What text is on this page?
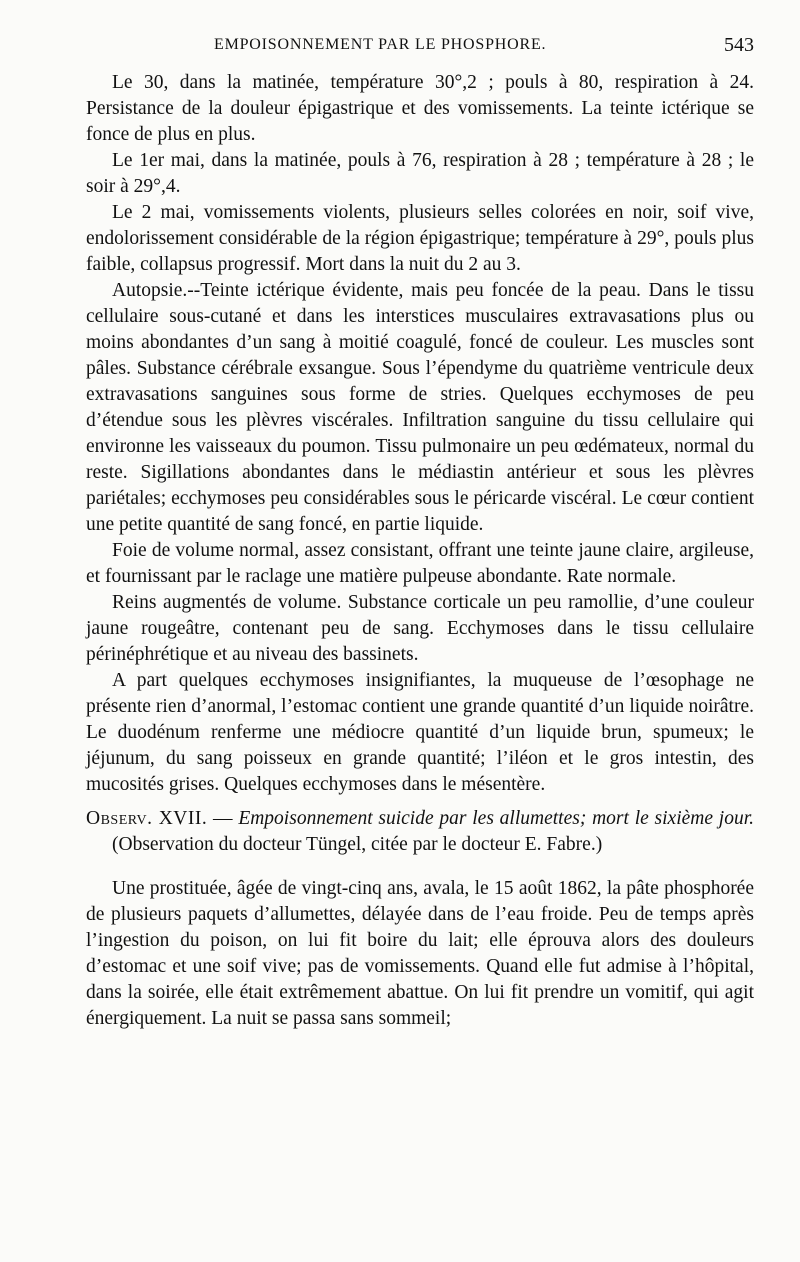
EMPOISONNEMENT PAR LE PHOSPHORE.	543

Le 30, dans la matinée, température 30°,2 ; pouls à 80, respiration à 24. Persistance de la douleur épigastrique et des vomissements. La teinte ictérique se fonce de plus en plus.

Le 1er mai, dans la matinée, pouls à 76, respiration à 28 ; température à 28 ; le soir à 29°,4.

Le 2 mai, vomissements violents, plusieurs selles colorées en noir, soif vive, endolorissement considérable de la région épigastrique; température à 29°, pouls plus faible, collapsus progressif. Mort dans la nuit du 2 au 3.

Autopsie.--Teinte ictérique évidente, mais peu foncée de la peau. Dans le tissu cellulaire sous-cutané et dans les interstices musculaires extravasations plus ou moins abondantes d’un sang à moitié coagulé, foncé de couleur. Les muscles sont pâles. Substance cérébrale exsangue. Sous l’épendyme du quatrième ventricule deux extravasations sanguines sous forme de stries. Quelques ecchymoses de peu d’étendue sous les plèvres viscérales. Infiltration sanguine du tissu cellulaire qui environne les vaisseaux du poumon. Tissu pulmonaire un peu œdémateux, normal du reste. Sigillations abondantes dans le médiastin antérieur et sous les plèvres pariétales; ecchymoses peu considérables sous le péricarde viscéral. Le cœur contient une petite quantité de sang foncé, en partie liquide.

Foie de volume normal, assez consistant, offrant une teinte jaune claire, argileuse, et fournissant par le raclage une matière pulpeuse abondante. Rate normale.

Reins augmentés de volume. Substance corticale un peu ramollie, d’une couleur jaune rougeâtre, contenant peu de sang. Ecchymoses dans le tissu cellulaire périnéphrétique et au niveau des bassinets.

A part quelques ecchymoses insignifiantes, la muqueuse de l’œsophage ne présente rien d’anormal, l’estomac contient une grande quantité d’un liquide noirâtre. Le duodénum renferme une médiocre quantité d’un liquide brun, spumeux; le jéjunum, du sang poisseux en grande quantité; l’iléon et le gros intestin, des mucosités grises. Quelques ecchymoses dans le mésentère.

Observ. XVII. — Empoisonnement suicide par les allumettes; mort le sixième jour. (Observation du docteur Tüngel, citée par le docteur E. Fabre.)

Une prostituée, âgée de vingt-cinq ans, avala, le 15 août 1862, la pâte phosphorée de plusieurs paquets d’allumettes, délayée dans de l’eau froide. Peu de temps après l’ingestion du poison, on lui fit boire du lait; elle éprouva alors des douleurs d’estomac et une soif vive; pas de vomissements. Quand elle fut admise à l’hôpital, dans la soirée, elle était extrêmement abattue. On lui fit prendre un vomitif, qui agit énergiquement. La nuit se passa sans sommeil;
